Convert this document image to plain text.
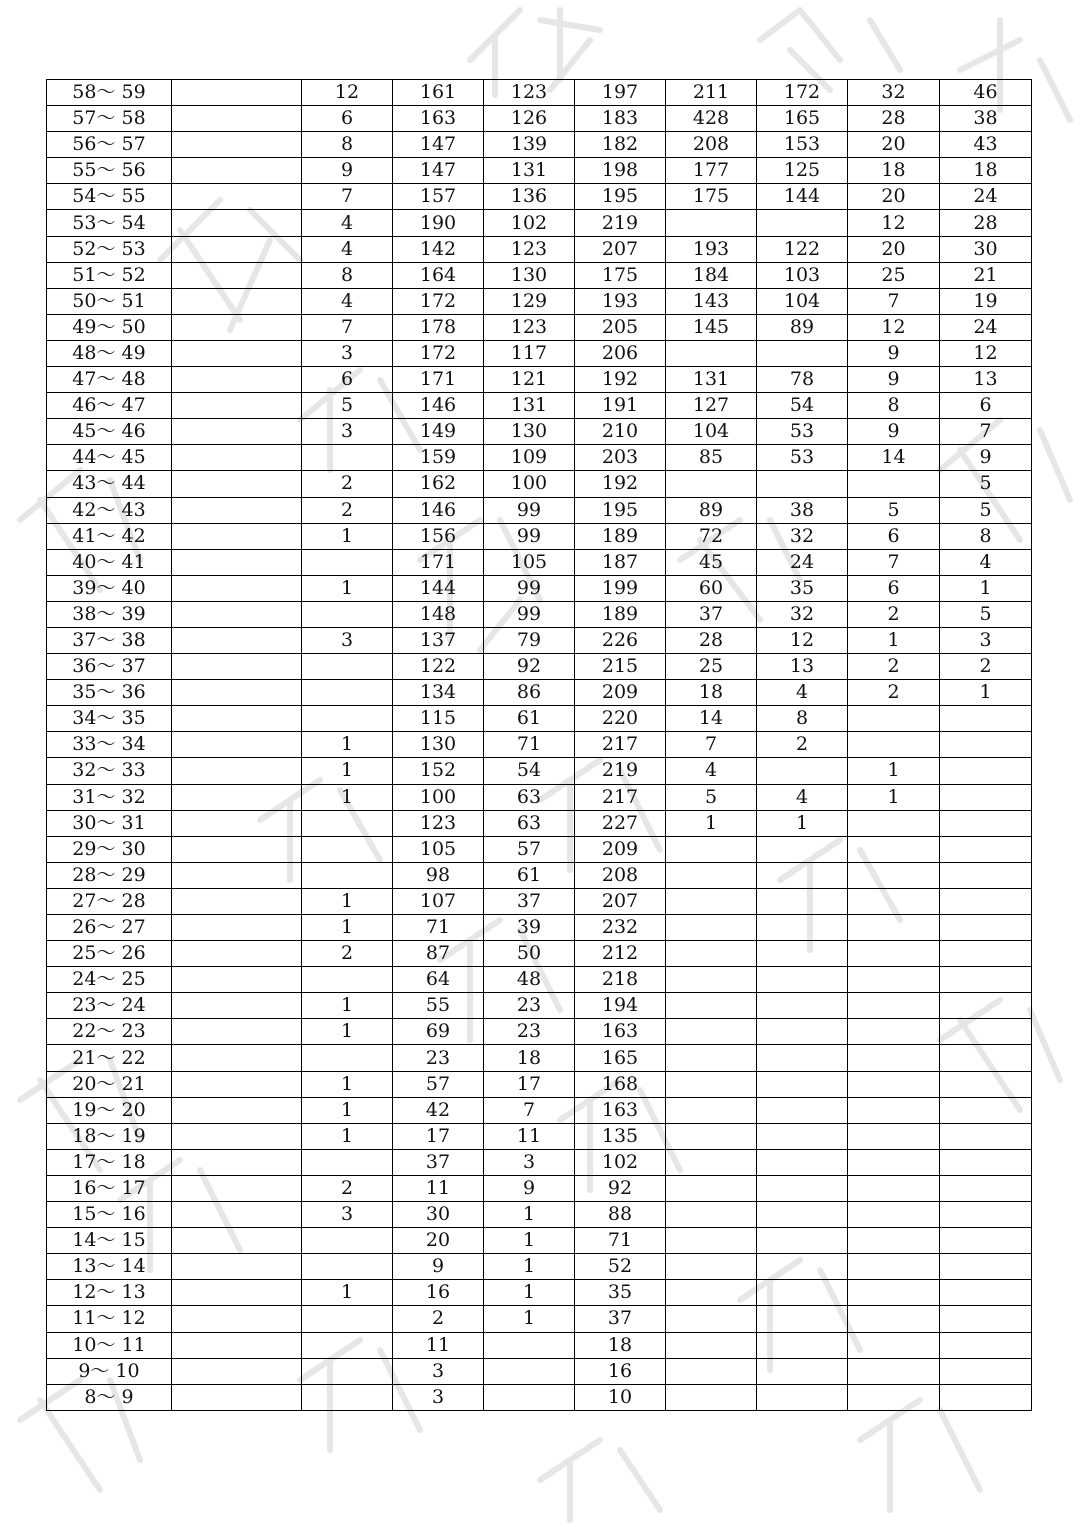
58～ 59		12	161	123	197	211	172	32	46
57～ 58		6	163	126	183	428	165	28	38
56～ 57		8	147	139	182	208	153	20	43
55～ 56		9	147	131	198	177	125	18	18
54～ 55		7	157	136	195	175	144	20	24
53～ 54		4	190	102	219			12	28
52～ 53		4	142	123	207	193	122	20	30
51～ 52		8	164	130	175	184	103	25	21
50～ 51		4	172	129	193	143	104	7	19
49～ 50		7	178	123	205	145	89	12	24
48～ 49		3	172	117	206			9	12
47～ 48		6	171	121	192	131	78	9	13
46～ 47		5	146	131	191	127	54	8	6
45～ 46		3	149	130	210	104	53	9	7
44～ 45			159	109	203	85	53	14	9
43～ 44		2	162	100	192				5
42～ 43		2	146	99	195	89	38	5	5
41～ 42		1	156	99	189	72	32	6	8
40～ 41			171	105	187	45	24	7	4
39～ 40		1	144	99	199	60	35	6	1
38～ 39			148	99	189	37	32	2	5
37～ 38		3	137	79	226	28	12	1	3
36～ 37			122	92	215	25	13	2	2
35～ 36			134	86	209	18	4	2	1
34～ 35			115	61	220	14	8		
33～ 34		1	130	71	217	7	2		
32～ 33		1	152	54	219	4		1	
31～ 32		1	100	63	217	5	4	1	
30～ 31			123	63	227	1	1		
29～ 30			105	57	209				
28～ 29			98	61	208				
27～ 28		1	107	37	207				
26～ 27		1	71	39	232				
25～ 26		2	87	50	212				
24～ 25			64	48	218				
23～ 24		1	55	23	194				
22～ 23		1	69	23	163				
21～ 22			23	18	165				
20～ 21		1	57	17	168				
19～ 20		1	42	7	163				
18～ 19		1	17	11	135				
17～ 18			37	3	102				
16～ 17		2	11	9	92				
15～ 16		3	30	1	88				
14～ 15			20	1	71				
13～ 14			9	1	52				
12～ 13		1	16	1	35				
11～ 12			2	1	37				
10～ 11			11		18				
9～ 10			3		16				
8～ 9			3		10				
